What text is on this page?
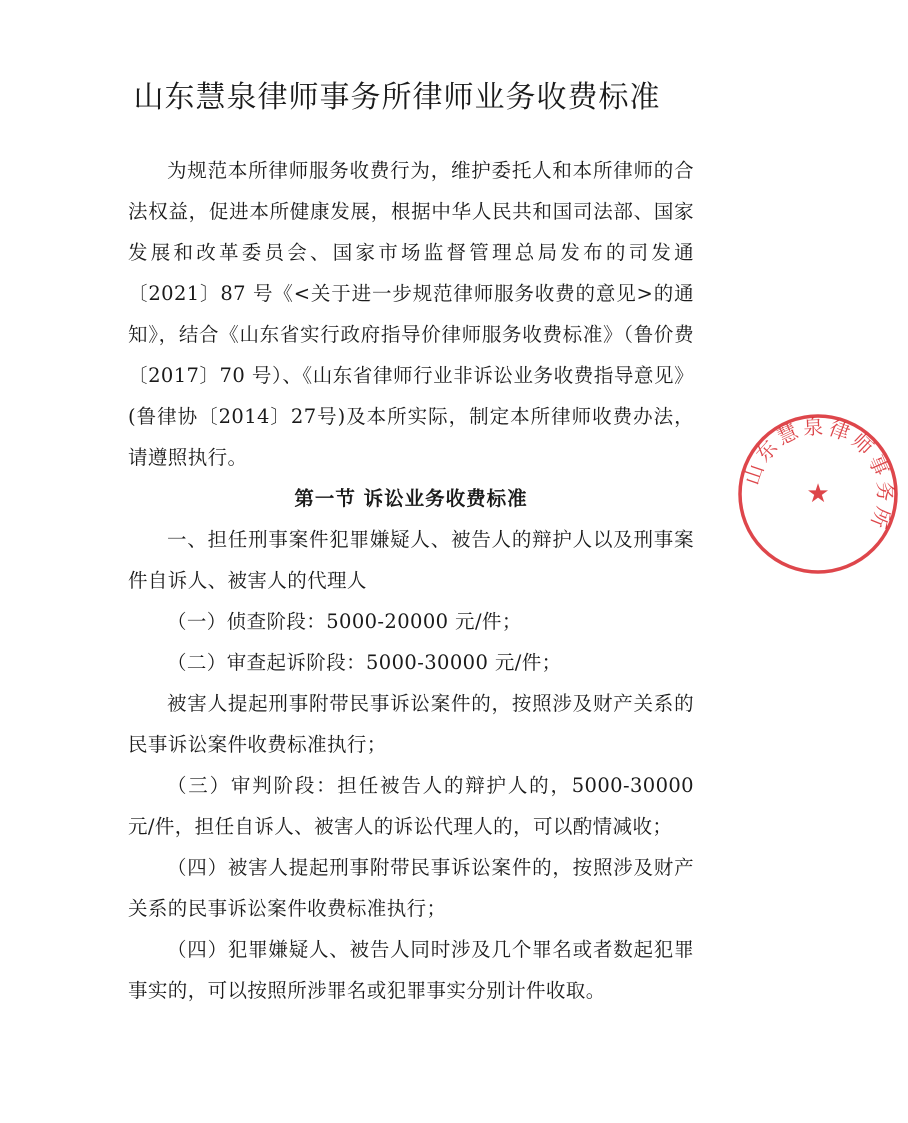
山东慧泉律师事务所律师业务收费标准

为规范本所律师服务收费行为，维护委托人和本所律师的合法权益，促进本所健康发展，根据中华人民共和国司法部、国家发展和改革委员会、国家市场监督管理总局发布的司发通〔2021〕87 号《<关于进一步规范律师服务收费的意见>的通知》，结合《山东省实行政府指导价律师服务收费标准》（鲁价费〔2017〕70 号）、《山东省律师行业非诉讼业务收费指导意见》(鲁律协〔2014〕27号)及本所实际，制定本所律师收费办法，请遵照执行。

第一节 诉讼业务收费标准

一、担任刑事案件犯罪嫌疑人、被告人的辩护人以及刑事案件自诉人、被害人的代理人

（一）侦查阶段：5000-20000 元/件；

（二）审查起诉阶段：5000-30000 元/件；

被害人提起刑事附带民事诉讼案件的，按照涉及财产关系的民事诉讼案件收费标准执行；

（三）审判阶段：担任被告人的辩护人的，5000-30000 元/件，担任自诉人、被害人的诉讼代理人的，可以酌情减收；

（四）被害人提起刑事附带民事诉讼案件的，按照涉及财产关系的民事诉讼案件收费标准执行；

（四）犯罪嫌疑人、被告人同时涉及几个罪名或者数起犯罪事实的，可以按照所涉罪名或犯罪事实分别计件收取。

山东慧泉律师事务所
★
